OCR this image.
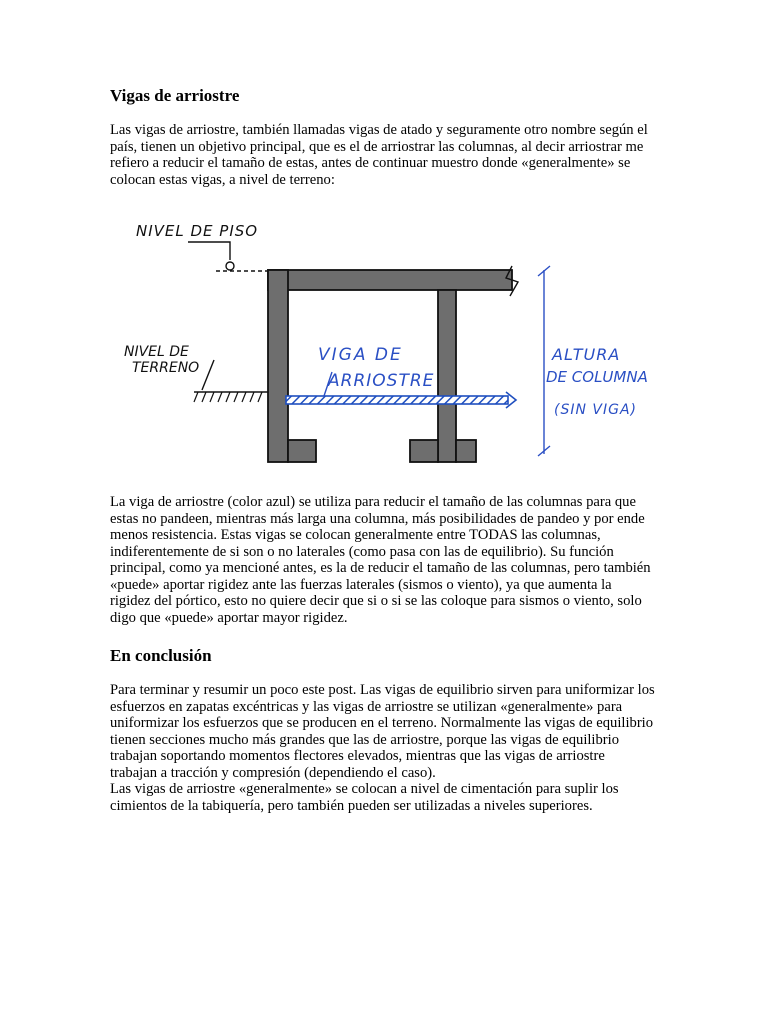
Vigas de arriostre

Las vigas de arriostre, también llamadas vigas de atado y seguramente otro nombre según el país, tienen un objetivo principal, que es el de arriostrar las columnas, al decir arriostrar me refiero a reducir el tamaño de estas, antes de continuar muestro donde «generalmente» se colocan estas vigas, a nivel de terreno:

NIVEL DE PISO
NIVEL DE
TERRENO
VIGA DE
ARRIOSTRE
ALTURA
DE COLUMNA
(SIN VIGA)

La viga de arriostre (color azul) se utiliza para reducir el tamaño de las columnas para que estas no pandeen, mientras más larga una columna, más posibilidades de pandeo y por ende menos resistencia. Estas vigas se colocan generalmente entre TODAS las columnas, indiferentemente de si son o no laterales (como pasa con las de equilibrio). Su función principal, como ya mencioné antes, es la de reducir el tamaño de las columnas, pero también «puede» aportar rigidez ante las fuerzas laterales (sismos o viento), ya que aumenta la rigidez del pórtico, esto no quiere decir que si o si se las coloque para sismos o viento, solo digo que «puede» aportar mayor rigidez.

En conclusión

Para terminar y resumir un poco este post. Las vigas de equilibrio sirven para uniformizar los esfuerzos en zapatas excéntricas y las vigas de arriostre se utilizan «generalmente» para uniformizar los esfuerzos que se producen en el terreno. Normalmente las vigas de equilibrio tienen secciones mucho más grandes que las de arriostre, porque las vigas de equilibrio trabajan soportando momentos flectores elevados, mientras que las vigas de arriostre trabajan a tracción y compresión (dependiendo el caso).

Las vigas de arriostre «generalmente» se colocan a nivel de cimentación para suplir los cimientos de la tabiquería, pero también pueden ser utilizadas a niveles superiores.
